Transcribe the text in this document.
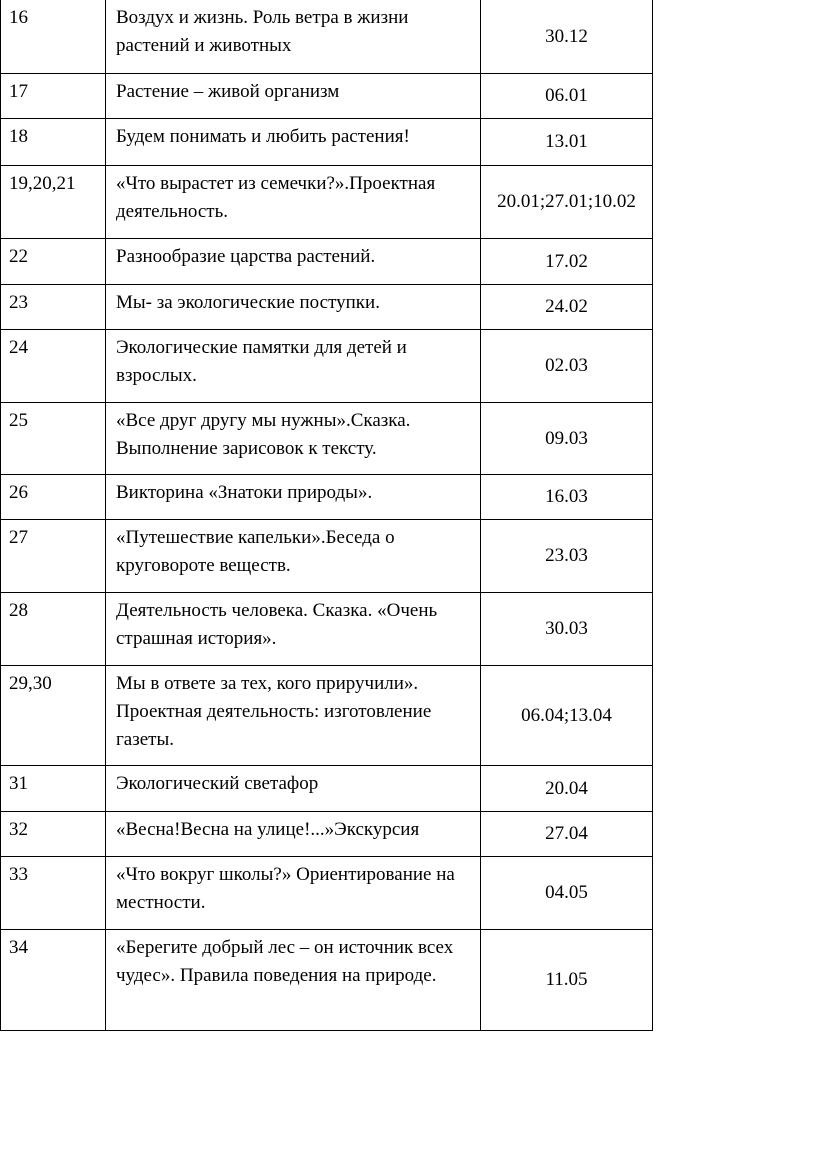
16	Воздух и жизнь. Роль ветра в жизни растений и животных	30.12
17	Растение – живой организм	06.01
18	Будем понимать и любить растения!	13.01
19,20,21	«Что вырастет из семечки?».Проектная деятельность.	20.01;27.01;10.02
22	Разнообразие царства растений.	17.02
23	Мы- за экологические поступки.	24.02
24	Экологические памятки для детей и взрослых.	02.03
25	«Все друг другу мы нужны».Сказка. Выполнение зарисовок к тексту.	09.03
26	Викторина «Знатоки природы».	16.03
27	«Путешествие капельки».Беседа о круговороте веществ.	23.03
28	Деятельность человека. Сказка. «Очень страшная история».	30.03
29,30	Мы в ответе за тех, кого приручили». Проектная деятельность: изготовление газеты.	06.04;13.04
31	Экологический светафор	20.04
32	«Весна!Весна на улице!...»Экскурсия	27.04
33	«Что вокруг школы?» Ориентирование на местности.	04.05
34	«Берегите добрый лес – он источник всех чудес». Правила поведения на природе.	11.05
